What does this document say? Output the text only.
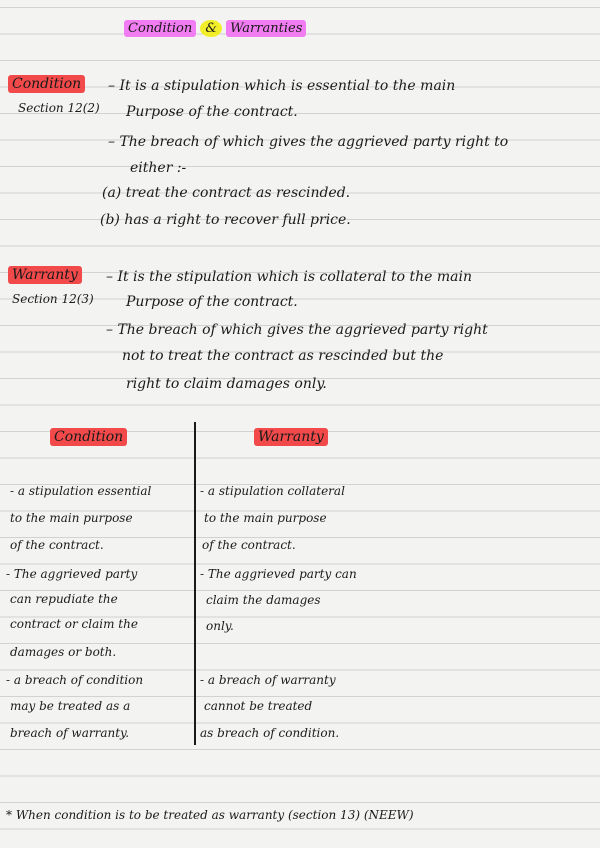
Condition & Warranties
Condition
Section 12(2)
– It is a stipulation which is essential to the main
Purpose of the contract.
– The breach of which gives the aggrieved party right to
either :-
(a) treat the contract as rescinded.
(b) has a right to recover full price.
Warranty
Section 12(3)
– It is the stipulation which is collateral to the main
Purpose of the contract.
– The breach of which gives the aggrieved party right
not to treat the contract as rescinded but the
right to claim damages only.
Condition	Warranty
- a stipulation essential
to the main purpose
of the contract.
- The aggrieved party
can repudiate the
contract or claim the
damages or both.
- a breach of condition
may be treated as a
breach of warranty.
- a stipulation collateral
to the main purpose
of the contract.
- The aggrieved party can
claim the damages
only.
- a breach of warranty
cannot be treated
as breach of condition.
* When condition is to be treated as warranty (section 13) (NEEW)
